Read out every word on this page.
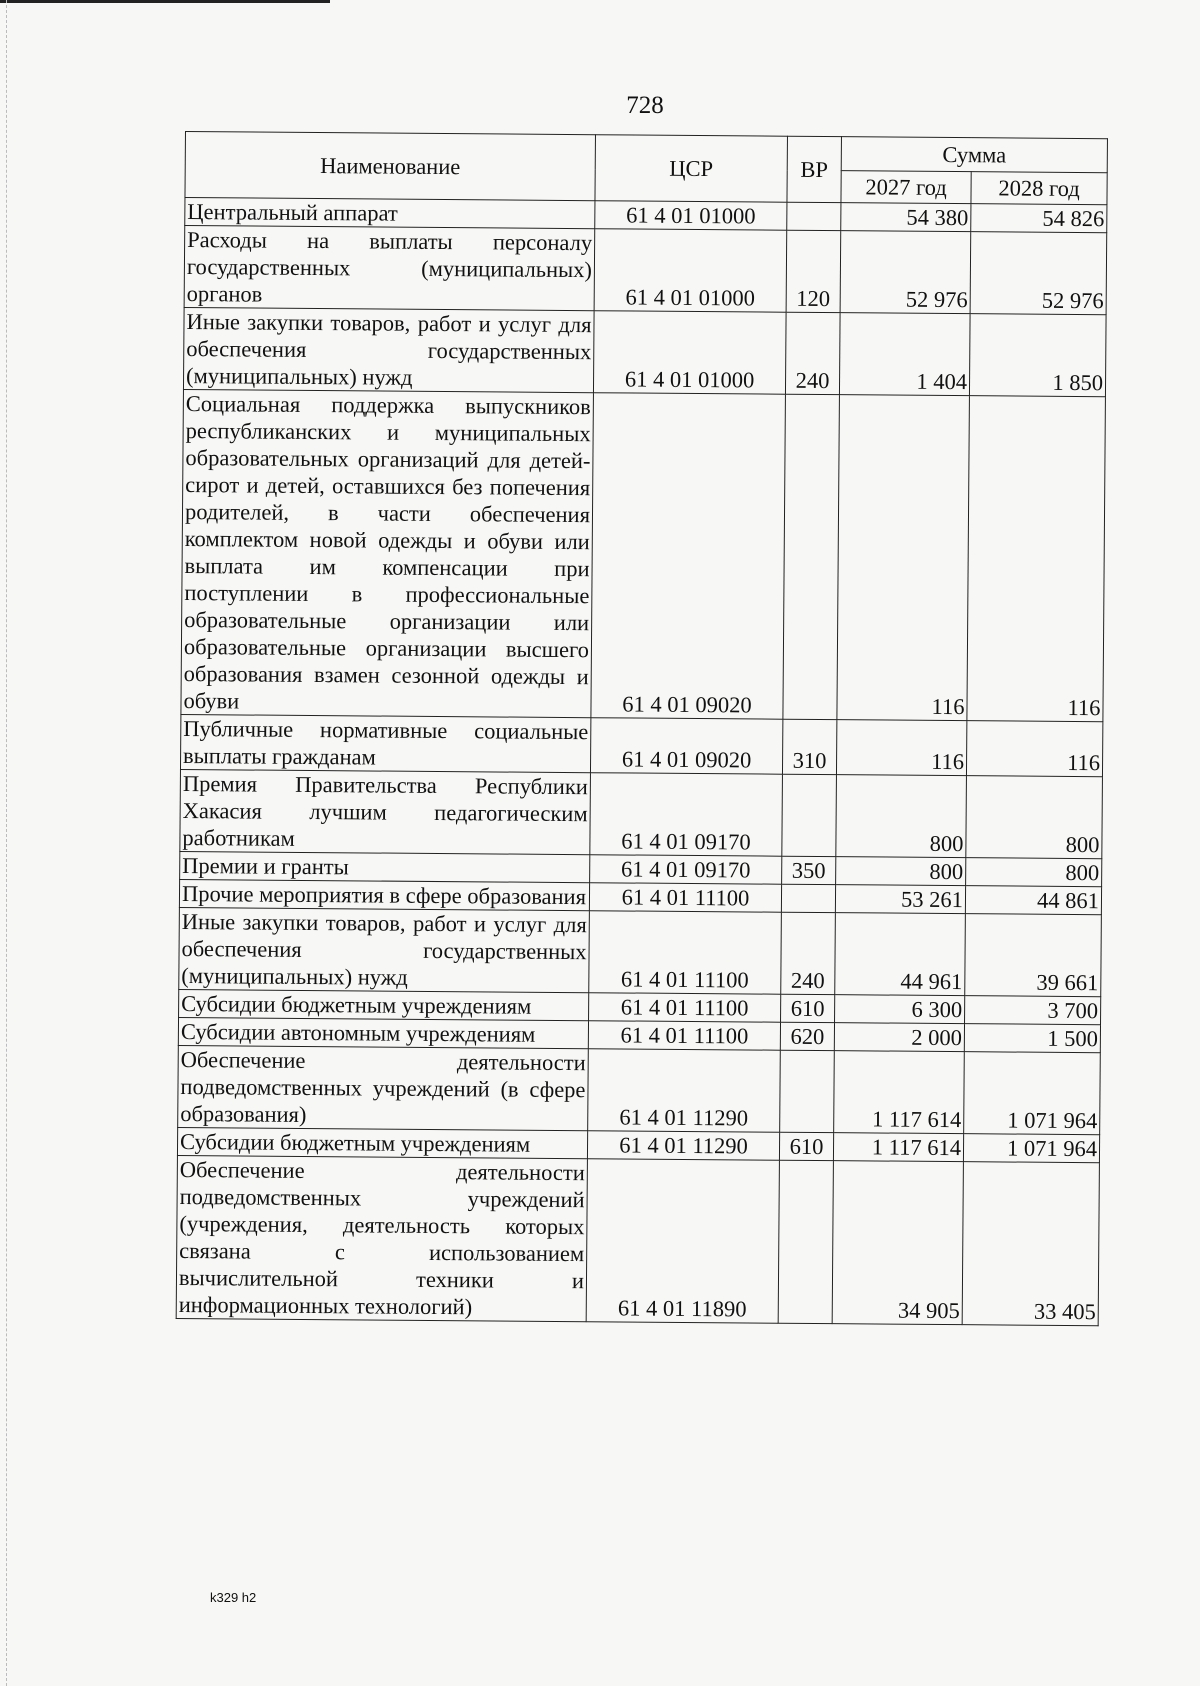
728
Наименование	ЦСР	ВР	Сумма	
			2027 год	2028 год
Центральный аппарат	61 4 01 01000		54 380	54 826
Расходы на выплаты персоналу государственных (муниципальных) органов	61 4 01 01000	120	52 976	52 976
Иные закупки товаров, работ и услуг для обеспечения государственных (муниципальных) нужд	61 4 01 01000	240	1 404	1 850
Социальная поддержка выпускников республиканских и муниципальных образовательных организаций для детей-сирот и детей, оставшихся без попечения родителей, в части обеспечения комплектом новой одежды и обуви или выплата им компенсации при поступлении в профессиональные образовательные организации или образовательные организации высшего образования взамен сезонной одежды и обуви	61 4 01 09020		116	116
Публичные нормативные социальные выплаты гражданам	61 4 01 09020	310	116	116
Премия Правительства Республики Хакасия лучшим педагогическим работникам	61 4 01 09170		800	800
Премии и гранты	61 4 01 09170	350	800	800
Прочие мероприятия в сфере образования	61 4 01 11100		53 261	44 861
Иные закупки товаров, работ и услуг для обеспечения государственных (муниципальных) нужд	61 4 01 11100	240	44 961	39 661
Субсидии бюджетным учреждениям	61 4 01 11100	610	6 300	3 700
Субсидии автономным учреждениям	61 4 01 11100	620	2 000	1 500
Обеспечение деятельности подведомственных учреждений (в сфере образования)	61 4 01 11290		1 117 614	1 071 964
Субсидии бюджетным учреждениям	61 4 01 11290	610	1 117 614	1 071 964
Обеспечение деятельности подведомственных учреждений (учреждения, деятельность которых связана с использованием вычислительной техники и информационных технологий)	61 4 01 11890		34 905	33 405
k329 h2
